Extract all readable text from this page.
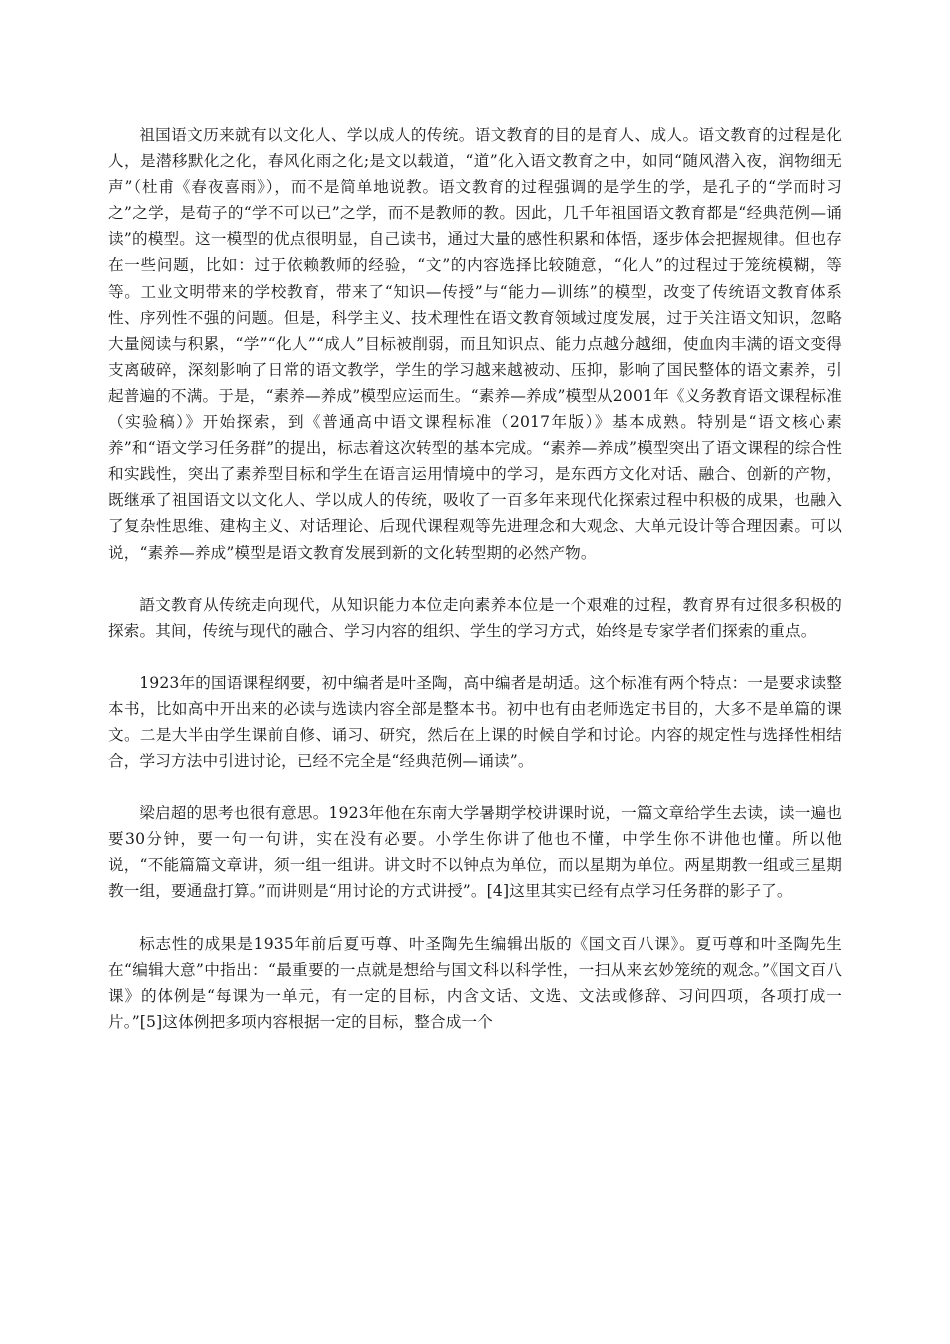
祖国语文历来就有以文化人、学以成人的传统。语文教育的目的是育人、成人。语文教育的过程是化人，是潜移默化之化，春风化雨之化;是文以载道，“道”化入语文教育之中，如同“随风潜入夜，润物细无声”（杜甫《春夜喜雨》），而不是简单地说教。语文教育的过程强调的是学生的学，是孔子的“学而时习之”之学，是荀子的“学不可以已”之学，而不是教师的教。因此，几千年祖国语文教育都是“经典范例—诵读”的模型。这一模型的优点很明显，自己读书，通过大量的感性积累和体悟，逐步体会把握规律。但也存在一些问题，比如：过于依赖教师的经验，“文”的内容选择比较随意，“化人”的过程过于笼统模糊，等等。工业文明带来的学校教育，带来了“知识—传授”与“能力—训练”的模型，改变了传统语文教育体系性、序列性不强的问题。但是，科学主义、技术理性在语文教育领域过度发展，过于关注语文知识，忽略大量阅读与积累，“学”“化人”“成人”目标被削弱，而且知识点、能力点越分越细，使血肉丰满的语文变得支离破碎，深刻影响了日常的语文教学，学生的学习越来越被动、压抑，影响了国民整体的语文素养，引起普遍的不满。于是，“素养—养成”模型应运而生。“素养—养成”模型从2001年《义务教育语文课程标准（实验稿）》开始探索，到《普通高中语文课程标准（2017年版）》基本成熟。特别是“语文核心素养”和“语文学习任务群”的提出，标志着这次转型的基本完成。“素养—养成”模型突出了语文课程的综合性和实践性，突出了素养型目标和学生在语言运用情境中的学习，是东西方文化对话、融合、创新的产物，既继承了祖国语文以文化人、学以成人的传统，吸收了一百多年来现代化探索过程中积极的成果，也融入了复杂性思维、建构主义、对话理论、后现代课程观等先进理念和大观念、大单元设计等合理因素。可以说，“素养—养成”模型是语文教育发展到新的文化转型期的必然产物。

語文教育从传统走向现代，从知识能力本位走向素养本位是一个艰难的过程，教育界有过很多积极的探索。其间，传统与现代的融合、学习内容的组织、学生的学习方式，始终是专家学者们探索的重点。

1923年的国语课程纲要，初中编者是叶圣陶，高中编者是胡适。这个标准有两个特点：一是要求读整本书，比如高中开出来的必读与选读内容全部是整本书。初中也有由老师选定书目的，大多不是单篇的课文。二是大半由学生课前自修、诵习、研究，然后在上课的时候自学和讨论。内容的规定性与选择性相结合，学习方法中引进讨论，已经不完全是“经典范例—诵读”。

梁启超的思考也很有意思。1923年他在东南大学暑期学校讲课时说，一篇文章给学生去读，读一遍也要30分钟，要一句一句讲，实在没有必要。小学生你讲了他也不懂，中学生你不讲他也懂。所以他说，“不能篇篇文章讲，须一组一组讲。讲文时不以钟点为单位，而以星期为单位。两星期教一组或三星期教一组，要通盘打算。”而讲则是“用讨论的方式讲授”。[4]这里其实已经有点学习任务群的影子了。

标志性的成果是1935年前后夏丏尊、叶圣陶先生编辑出版的《国文百八课》。夏丏尊和叶圣陶先生在“编辑大意”中指出：“最重要的一点就是想给与国文科以科学性，一扫从来玄妙笼统的观念。”《国文百八课》的体例是“每课为一单元，有一定的目标，内含文话、文选、文法或修辞、习问四项，各项打成一片。”[5]这体例把多项内容根据一定的目标，整合成一个
